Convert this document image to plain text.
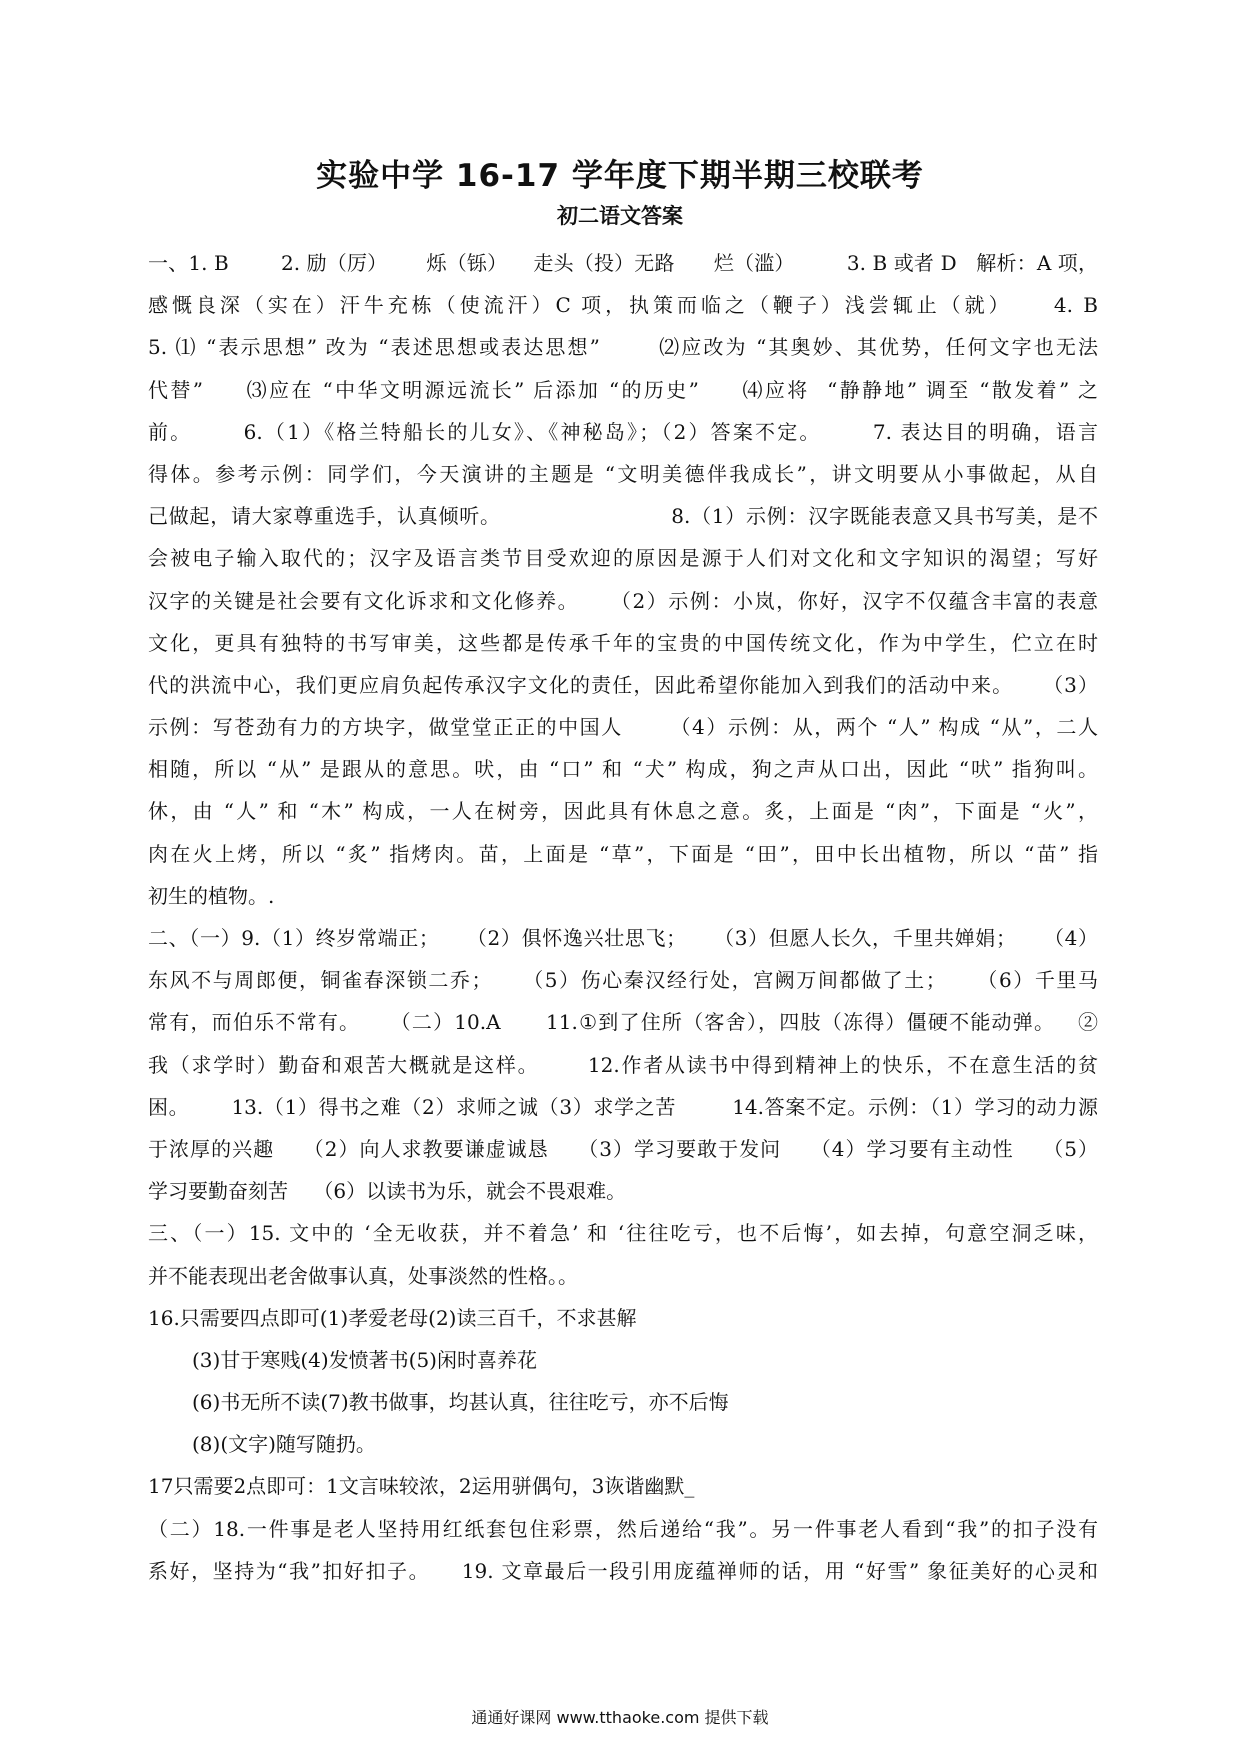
实验中学 16-17 学年度下期半期三校联考
初二语文答案
一、1. B        2. 励（厉）      烁（铄）    走头（投）无路      烂（滥）        3. B 或者 D   解析：A 项，
感慨良深（实在）汗牛充栋（使流汗）C 项，执策而临之（鞭子）浅尝辄止（就）    4. B
5. ⑴ “表示思想” 改为 “表述思想或表达思想”       ⑵应改为 “其奥妙、其优势，任何文字也无法
代替”     ⑶应在 “中华文明源远流长” 后添加 “的历史”     ⑷应将  “静静地” 调至 “散发着” 之
前。      6.（1）《格兰特船长的儿女》、《神秘岛》；（2）答案不定。      7. 表达目的明确，语言
得体。参考示例：同学们，今天演讲的主题是 “文明美德伴我成长”，讲文明要从小事做起，从自
己做起，请大家尊重选手，认真倾听。                        8.（1）示例：汉字既能表意又具书写美，是不
会被电子输入取代的；汉字及语言类节目受欢迎的原因是源于人们对文化和文字知识的渴望；写好
汉字的关键是社会要有文化诉求和文化修养。    （2）示例：小岚，你好，汉字不仅蕴含丰富的表意
文化，更具有独特的书写审美，这些都是传承千年的宝贵的中国传统文化，作为中学生，伫立在时
代的洪流中心，我们更应肩负起传承汉字文化的责任，因此希望你能加入到我们的活动中来。    （3）
示例：写苍劲有力的方块字，做堂堂正正的中国人      （4）示例：从，两个 “人” 构成 “从”，二人
相随，所以 “从” 是跟从的意思。吠，由 “口” 和 “犬” 构成，狗之声从口出，因此 “吠” 指狗叫。
休，由 “人” 和 “木” 构成，一人在树旁，因此具有休息之意。炙，上面是 “肉”，下面是 “火”，
肉在火上烤，所以 “炙” 指烤肉。苗，上面是 “草”，下面是 “田”，田中长出植物，所以 “苗” 指
初生的植物。.
二、（一）9.（1）终岁常端正；    （2）俱怀逸兴壮思飞；    （3）但愿人长久，千里共婵娟；    （4）
东风不与周郎便，铜雀春深锁二乔；    （5）伤心秦汉经行处，宫阙万间都做了土；    （6）千里马
常有，而伯乐不常有。    （二）10.A      11.①到了住所（客舍），四肢（冻得）僵硬不能动弹。   ②
我（求学时）勤奋和艰苦大概就是这样。      12.作者从读书中得到精神上的快乐，不在意生活的贫
困。      13.（1）得书之难（2）求师之诚（3）求学之苦        14.答案不定。示例：（1）学习的动力源
于浓厚的兴趣    （2）向人求教要谦虚诚恳    （3）学习要敢于发问    （4）学习要有主动性    （5）
学习要勤奋刻苦    （6）以读书为乐，就会不畏艰难。
三、（一）15. 文中的 ‘全无收获，并不着急’ 和 ‘往往吃亏，也不后悔’，如去掉，句意空洞乏味，
并不能表现出老舍做事认真，处事淡然的性格。。
16.只需要四点即可(1)孝爱老母(2)读三百千，不求甚解
(3)甘于寒贱(4)发愤著书(5)闲时喜养花
(6)书无所不读(7)教书做事，均甚认真，往往吃亏，亦不后悔
(8)(文字)随写随扔。
17只需要2点即可：1文言味较浓，2运用骈偶句，3诙谐幽默_
（二）18.一件事是老人坚持用红纸套包住彩票，然后递给“我”。另一件事老人看到“我”的扣子没有
系好，坚持为“我”扣好扣子。    19. 文章最后一段引用庞蕴禅师的话，用 “好雪” 象征美好的心灵和
通通好课网 www.tthaoke.com 提供下载
